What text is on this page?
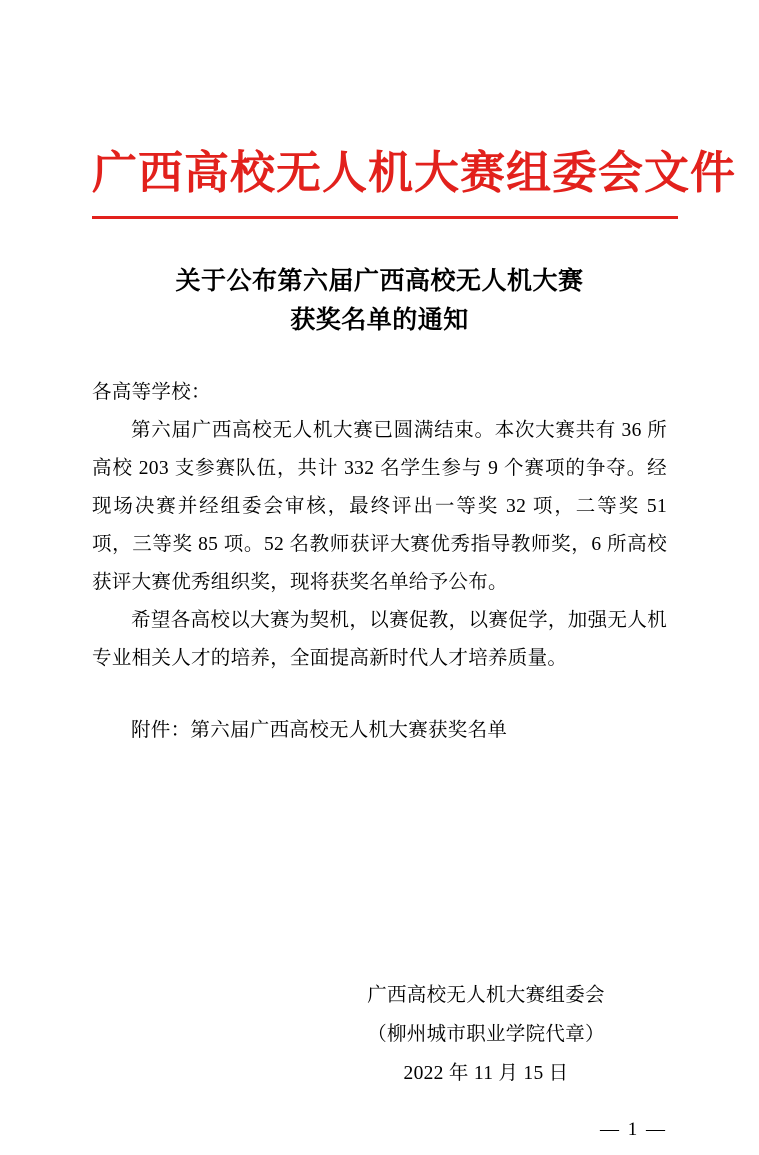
广西高校无人机大赛组委会文件
关于公布第六届广西高校无人机大赛
获奖名单的通知

各高等学校：

第六届广西高校无人机大赛已圆满结束。本次大赛共有 36 所高校 203 支参赛队伍，共计 332 名学生参与 9 个赛项的争夺。经现场决赛并经组委会审核，最终评出一等奖 32 项，二等奖 51 项，三等奖 85 项。52 名教师获评大赛优秀指导教师奖，6 所高校获评大赛优秀组织奖，现将获奖名单给予公布。

希望各高校以大赛为契机，以赛促教，以赛促学，加强无人机专业相关人才的培养，全面提高新时代人才培养质量。

附件：第六届广西高校无人机大赛获奖名单
广西高校无人机大赛组委会
（柳州城市职业学院代章）
2022 年 11 月 15 日
— 1 —
